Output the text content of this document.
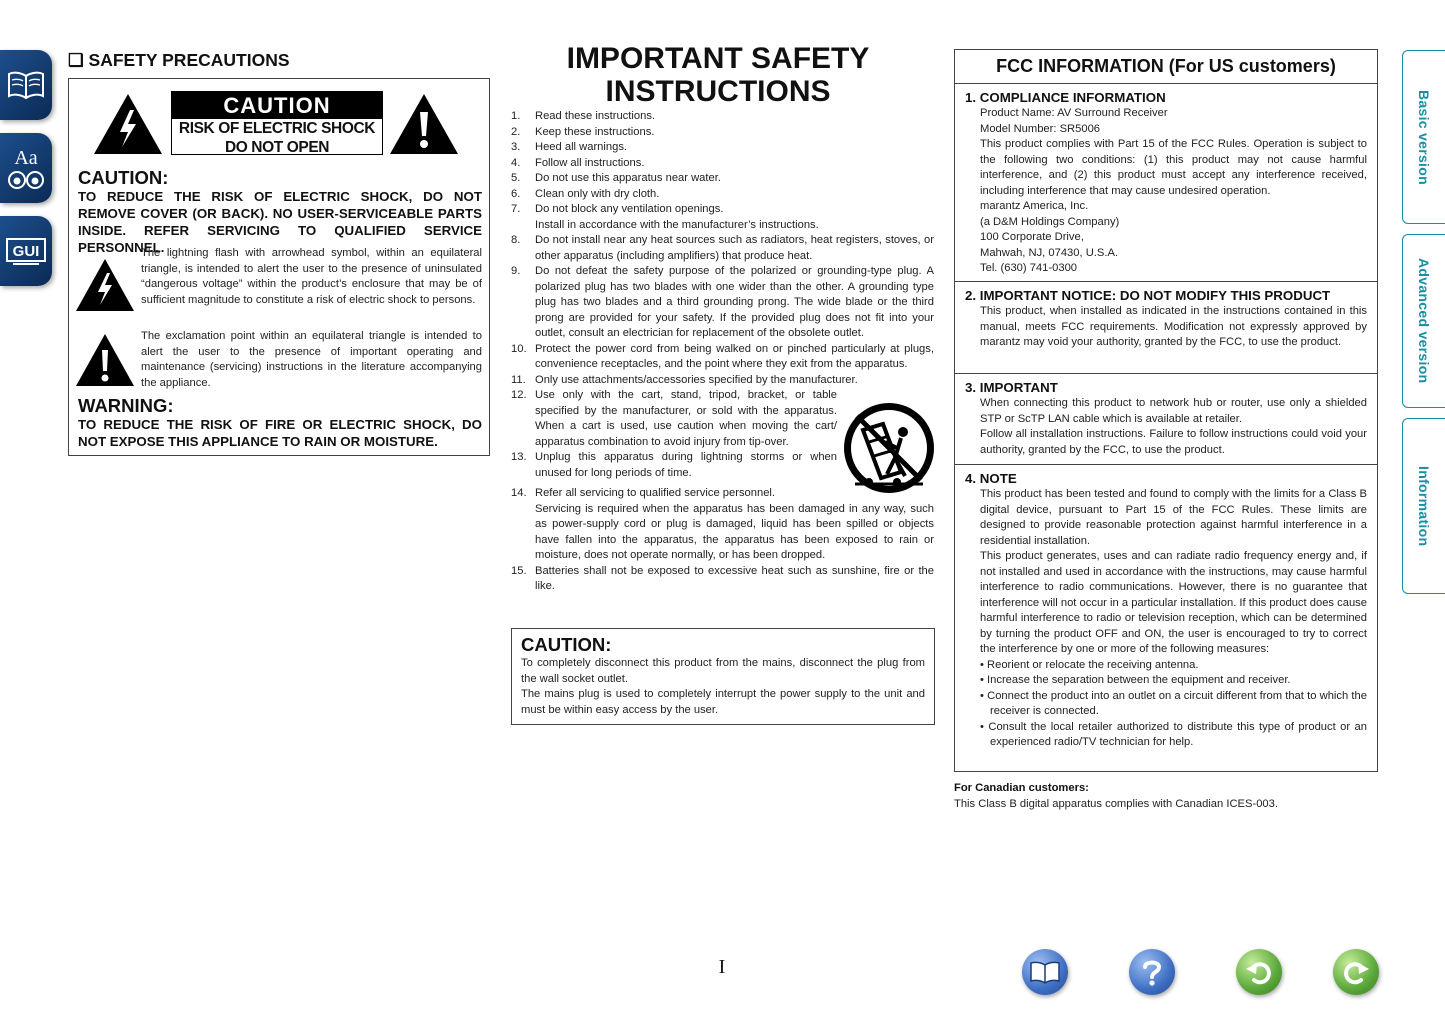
Aa
GUI
Basic version
Advanced version
Information
❑ SAFETY PRECAUTIONS
CAUTION
RISK OF ELECTRIC SHOCK
DO NOT OPEN
CAUTION:
TO REDUCE THE RISK OF ELECTRIC SHOCK, DO NOT REMOVE COVER (OR BACK). NO USER-SERVICEABLE PARTS INSIDE. REFER SERVICING TO QUALIFIED SERVICE PERSONNEL.
The lightning flash with arrowhead symbol, within an equilateral triangle, is intended to alert the user to the presence of uninsulated “dangerous voltage” within the product’s enclosure that may be of sufficient magnitude to constitute a risk of electric shock to persons.
The exclamation point within an equilateral triangle is intended to alert the user to the presence of important operating and maintenance (servicing) instructions in the literature accompanying the appliance.
WARNING:
TO REDUCE THE RISK OF FIRE OR ELECTRIC SHOCK, DO NOT EXPOSE THIS APPLIANCE TO RAIN OR MOISTURE.
IMPORTANT SAFETY
INSTRUCTIONS
1. Read these instructions.
2. Keep these instructions.
3. Heed all warnings.
4. Follow all instructions.
5. Do not use this apparatus near water.
6. Clean only with dry cloth.
7. Do not block any ventilation openings.
Install in accordance with the manufacturer’s instructions.
8. Do not install near any heat sources such as radiators, heat registers, stoves, or other apparatus (including amplifiers) that produce heat.
9. Do not defeat the safety purpose of the polarized or grounding-type plug. A polarized plug has two blades with one wider than the other. A grounding type plug has two blades and a third grounding prong. The wide blade or the third prong are provided for your safety. If the provided plug does not fit into your outlet, consult an electrician for replacement of the obsolete outlet.
10. Protect the power cord from being walked on or pinched particularly at plugs, convenience receptacles, and the point where they exit from the apparatus.
11. Only use attachments/accessories specified by the manufacturer.
12. Use only with the cart, stand, tripod, bracket, or table specified by the manufacturer, or sold with the apparatus. When a cart is used, use caution when moving the cart/ apparatus combination to avoid injury from tip-over.
13. Unplug this apparatus during lightning storms or when unused for long periods of time.
14. Refer all servicing to qualified service personnel.
Servicing is required when the apparatus has been damaged in any way, such as power-supply cord or plug is damaged, liquid has been spilled or objects have fallen into the apparatus, the apparatus has been exposed to rain or moisture, does not operate normally, or has been dropped.
15. Batteries shall not be exposed to excessive heat such as sunshine, fire or the like.
CAUTION:

To completely disconnect this product from the mains, disconnect the plug from the wall socket outlet.

The mains plug is used to completely interrupt the power supply to the unit and must be within easy access by the user.

FCC INFORMATION (For US customers)
1. COMPLIANCE INFORMATION

Product Name: AV Surround Receiver

Model Number: SR5006

This product complies with Part 15 of the FCC Rules. Operation is subject to the following two conditions: (1) this product may not cause harmful interference, and (2) this product must accept any interference received, including interference that may cause undesired operation.

marantz America, Inc.

(a D&M Holdings Company)

100 Corporate Drive,

Mahwah, NJ, 07430, U.S.A.

Tel. (630) 741-0300

2. IMPORTANT NOTICE: DO NOT MODIFY THIS PRODUCT

This product, when installed as indicated in the instructions contained in this manual, meets FCC requirements. Modification not expressly approved by marantz may void your authority, granted by the FCC, to use the product.

3. IMPORTANT

When connecting this product to network hub or router, use only a shielded STP or ScTP LAN cable which is available at retailer.

Follow all installation instructions. Failure to follow instructions could void your authority, granted by the FCC, to use the product.

4. NOTE

This product has been tested and found to comply with the limits for a Class B digital device, pursuant to Part 15 of the FCC Rules. These limits are designed to provide reasonable protection against harmful interference in a residential installation.

This product generates, uses and can radiate radio frequency energy and, if not installed and used in accordance with the instructions, may cause harmful interference to radio communications. However, there is no guarantee that interference will not occur in a particular installation. If this product does cause harmful interference to radio or television reception, which can be determined by turning the product OFF and ON, the user is encouraged to try to correct the interference by one or more of the following measures:

• Reorient or relocate the receiving antenna.

• Increase the separation between the equipment and receiver.

• Connect the product into an outlet on a circuit different from that to which the receiver is connected.

• Consult the local retailer authorized to distribute this type of product or an experienced radio/TV technician for help.

For Canadian customers:
This Class B digital apparatus complies with Canadian ICES-003.
I
